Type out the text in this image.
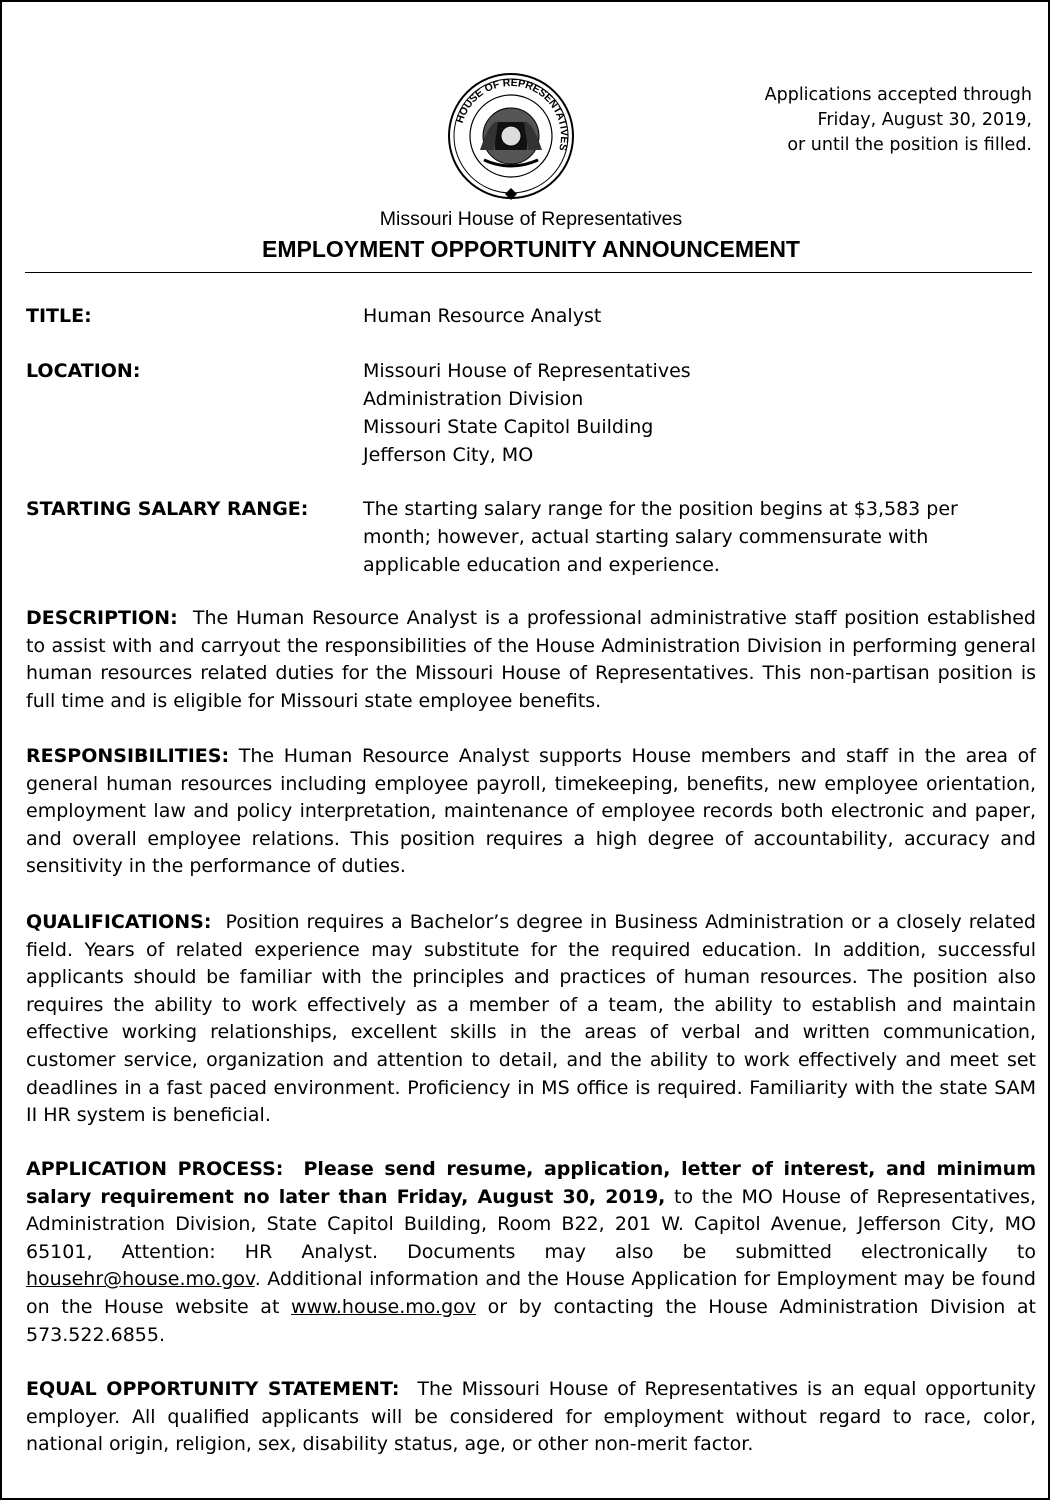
HOUSE OF REPRESENTATIVES
Applications accepted through
Friday, August 30, 2019,
or until the position is filled.
Missouri House of Representatives
EMPLOYMENT OPPORTUNITY ANNOUNCEMENT
TITLE:	Human Resource Analyst
LOCATION:	Missouri House of Representatives
Administration Division
Missouri State Capitol Building
Jefferson City, MO
STARTING SALARY RANGE:	The starting salary range for the position begins at $3,583 per
month; however, actual starting salary commensurate with
applicable education and experience.

DESCRIPTION: The Human Resource Analyst is a professional administrative staff position established to assist with and carryout the responsibilities of the House Administration Division in performing general human resources related duties for the Missouri House of Representatives. This non-partisan position is full time and is eligible for Missouri state employee benefits.

RESPONSIBILITIES: The Human Resource Analyst supports House members and staff in the area of general human resources including employee payroll, timekeeping, benefits, new employee orientation, employment law and policy interpretation, maintenance of employee records both electronic and paper, and overall employee relations. This position requires a high degree of accountability, accuracy and sensitivity in the performance of duties.

QUALIFICATIONS: Position requires a Bachelor’s degree in Business Administration or a closely related field. Years of related experience may substitute for the required education. In addition, successful applicants should be familiar with the principles and practices of human resources. The position also requires the ability to work effectively as a member of a team, the ability to establish and maintain effective working relationships, excellent skills in the areas of verbal and written communication, customer service, organization and attention to detail, and the ability to work effectively and meet set deadlines in a fast paced environment. Proficiency in MS office is required. Familiarity with the state SAM II HR system is beneficial.

APPLICATION PROCESS: Please send resume, application, letter of interest, and minimum salary requirement no later than Friday, August 30, 2019, to the MO House of Representatives, Administration Division, State Capitol Building, Room B22, 201 W. Capitol Avenue, Jefferson City, MO 65101, Attention: HR Analyst. Documents may also be submitted electronically to househr@house.mo.gov. Additional information and the House Application for Employment may be found on the House website at www.house.mo.gov or by contacting the House Administration Division at 573.522.6855.

EQUAL OPPORTUNITY STATEMENT: The Missouri House of Representatives is an equal opportunity employer. All qualified applicants will be considered for employment without regard to race, color, national origin, religion, sex, disability status, age, or other non-merit factor.
